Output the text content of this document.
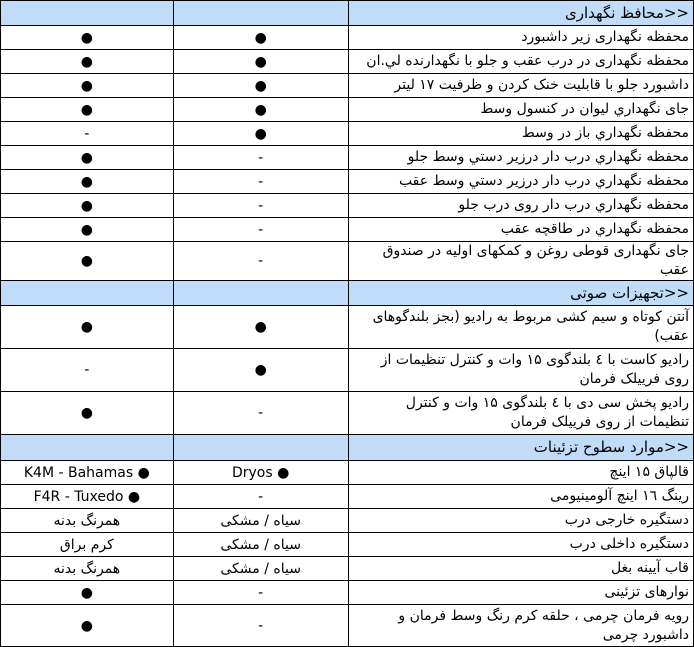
<<محافظ نگهداری		
محفظه نگهداری زیر داشبورد	●	●
محفظه نگهداری در درب عقب و جلو با نگهدارنده لي.ان	●	●
داشبورد جلو با قابلیت خنک کردن و ظرفیت ۱۷ لیتر	●	●
جای نگهداري ليوان در كنسول وسط	●	●
محفظه نگهداري باز در وسط	●	-
محفظه نگهداري درب دار درزير دستي وسط جلو	-	●
محفظه نگهداري درب دار درزير دستي وسط عقب	-	●
محفظه نگهداري درب دار روی درب جلو	-	●
محفظه نگهداري در طاقچه عقب	-	●
جای نگهداری قوطی روغن و کمکهای اولیه در صندوق عقب	-	●
<<تجهیزات صوتی		
آنتن كوتاه و سیم کشی مربوط به رادیو (بجز بلندگوهای عقب)	●	●
رادیو کاست با ٤ بلندگوی ۱۵ وات و کنترل تنظیمات از روی فرییلک فرمان	●	-
رادیو پخش سی دی با ٤ بلندگوی ۱۵ وات و کنترل تنظیمات از روی فرییلک فرمان	-	●
<<موارد سطوح تزئینات		
قالپاق ۱۵ اینچ	● Dryos	● K4M - Bahamas
رینگ ۱٦ اینچ آلومینیومی	-	● F4R - Tuxedo
دستگیره خارجی درب	سیاه / مشکی	همرنگ بدنه
دستگیره داخلی درب	سیاه / مشکی	کرم براق
قاب آیینه بغل	سیاه / مشکی	همرنگ بدنه
نوارهای تزئینی	-	●
رویه فرمان چرمی ، حلقه کرم رنگ وسط فرمان و داشبورد چرمی	-	●
